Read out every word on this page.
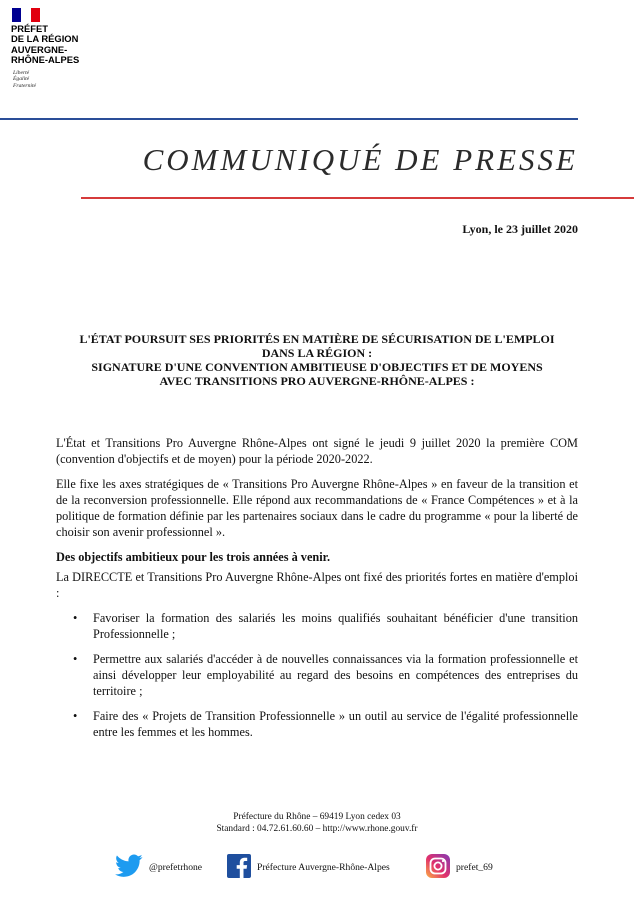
PRÉFET
DE LA RÉGION
AUVERGNE-
RHÔNE-ALPES
Liberté
Égalité
Fraternité
COMMUNIQUÉ DE PRESSE
Lyon, le 23 juillet 2020
L'ÉTAT POURSUIT SES PRIORITÉS EN MATIÈRE DE SÉCURISATION DE L'EMPLOI
DANS LA RÉGION :
SIGNATURE D'UNE CONVENTION AMBITIEUSE D'OBJECTIFS ET DE MOYENS
AVEC TRANSITIONS PRO AUVERGNE-RHÔNE-ALPES :

L'État et Transitions Pro Auvergne Rhône-Alpes ont signé le jeudi 9 juillet 2020 la première COM (convention d'objectifs et de moyen) pour la période 2020-2022.

Elle fixe les axes stratégiques de « Transitions Pro Auvergne Rhône-Alpes » en faveur de la transition et de la reconversion professionnelle. Elle répond aux recommandations de « France Compétences » et à la politique de formation définie par les partenaires sociaux dans le cadre du programme « pour la liberté de choisir son avenir professionnel ».

Des objectifs ambitieux pour les trois années à venir.

La DIRECCTE et Transitions Pro Auvergne Rhône-Alpes ont fixé des priorités fortes en matière d'emploi :

• Favoriser la formation des salariés les moins qualifiés souhaitant bénéficier d'une transition Professionnelle ;
• Permettre aux salariés d'accéder à de nouvelles connaissances via la formation professionnelle et ainsi développer leur employabilité au regard des besoins en compétences des entreprises du territoire ;
• Faire des « Projets de Transition Professionnelle » un outil au service de l'égalité professionnelle entre les femmes et les hommes.
Préfecture du Rhône – 69419 Lyon cedex 03
Standard : 04.72.61.60.60 – http://www.rhone.gouv.fr
@prefetrhone	Préfecture Auvergne-Rhône-Alpes	prefet_69
